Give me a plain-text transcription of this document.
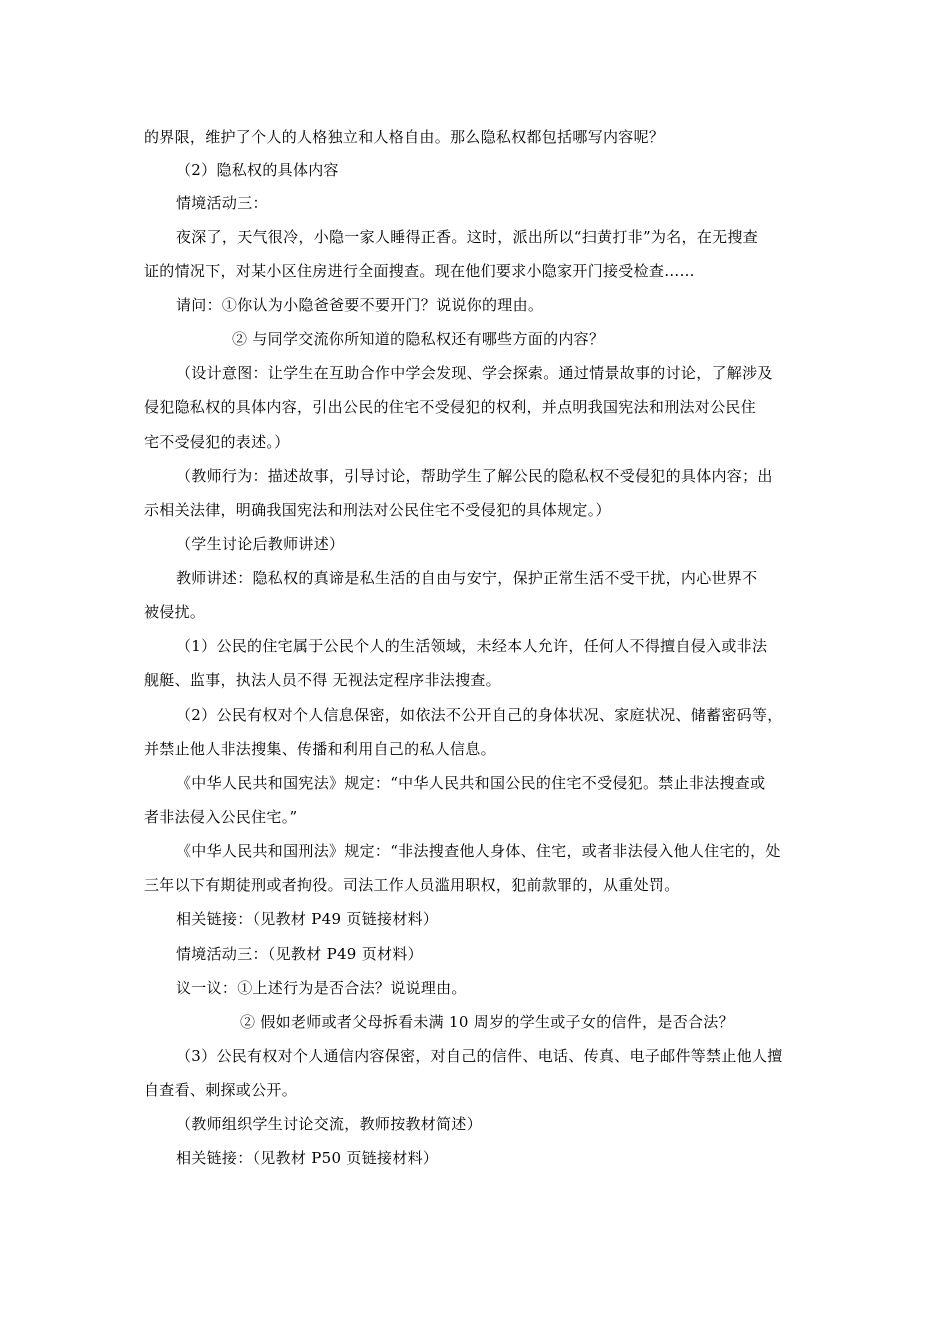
的界限，维护了个人的人格独立和人格自由。那么隐私权都包括哪写内容呢？
（2）隐私权的具体内容
情境活动三：
夜深了，天气很冷，小隐一家人睡得正香。这时，派出所以“扫黄打非”为名，在无搜查
证的情况下，对某小区住房进行全面搜查。现在他们要求小隐家开门接受检查……
请问：①你认为小隐爸爸要不要开门？说说你的理由。
② 与同学交流你所知道的隐私权还有哪些方面的内容？
（设计意图：让学生在互助合作中学会发现、学会探索。通过情景故事的讨论，了解涉及
侵犯隐私权的具体内容，引出公民的住宅不受侵犯的权利，并点明我国宪法和刑法对公民住
宅不受侵犯的表述。）
（教师行为：描述故事，引导讨论，帮助学生了解公民的隐私权不受侵犯的具体内容；出
示相关法律，明确我国宪法和刑法对公民住宅不受侵犯的具体规定。）
（学生讨论后教师讲述）
教师讲述：隐私权的真谛是私生活的自由与安宁，保护正常生活不受干扰，内心世界不
被侵扰。
（1）公民的住宅属于公民个人的生活领域，未经本人允许，任何人不得擅自侵入或非法
舰艇、监事，执法人员不得 无视法定程序非法搜查。
（2）公民有权对个人信息保密，如依法不公开自己的身体状况、家庭状况、储蓄密码等，
并禁止他人非法搜集、传播和利用自己的私人信息。
《中华人民共和国宪法》规定：“中华人民共和国公民的住宅不受侵犯。禁止非法搜查或
者非法侵入公民住宅。”
《中华人民共和国刑法》规定：“非法搜查他人身体、住宅，或者非法侵入他人住宅的，处
三年以下有期徒刑或者拘役。司法工作人员滥用职权，犯前款罪的，从重处罚。
相关链接：（见教材 P49 页链接材料）
情境活动三：（见教材 P49 页材料）
议一议：①上述行为是否合法？说说理由。
② 假如老师或者父母拆看未满 10 周岁的学生或子女的信件，是否合法？
（3）公民有权对个人通信内容保密，对自己的信件、电话、传真、电子邮件等禁止他人擅
自查看、刺探或公开。
（教师组织学生讨论交流，教师按教材简述）
相关链接：（见教材 P50 页链接材料）
